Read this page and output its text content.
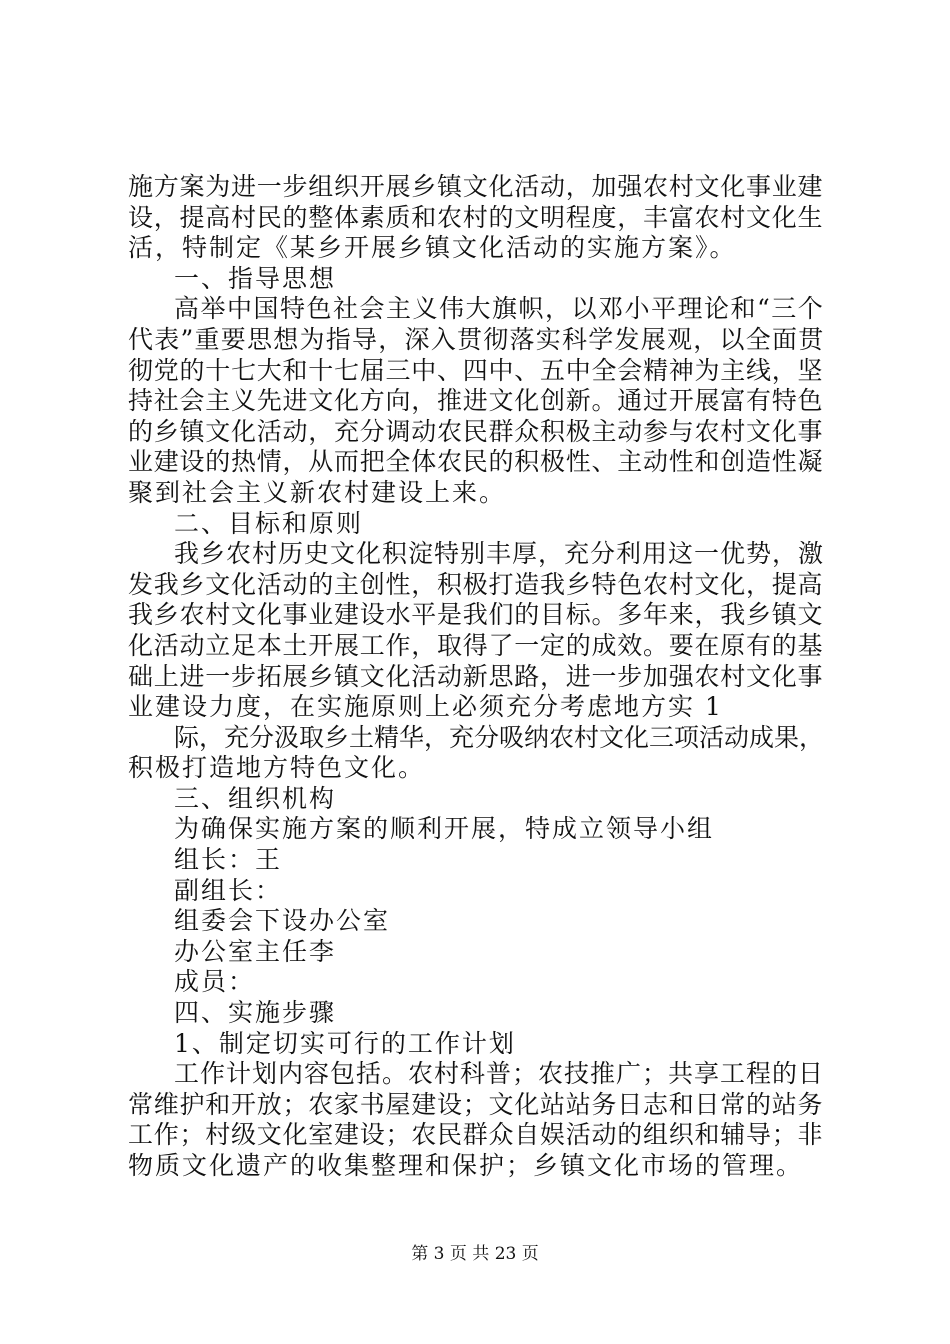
施方案为进一步组织开展乡镇文化活动，加强农村文化事业建
设，提高村民的整体素质和农村的文明程度，丰富农村文化生
活，特制定《某乡开展乡镇文化活动的实施方案》。
一、指导思想
高举中国特色社会主义伟大旗帜，以邓小平理论和“三个
代表”重要思想为指导，深入贯彻落实科学发展观，以全面贯
彻党的十七大和十七届三中、四中、五中全会精神为主线，坚
持社会主义先进文化方向，推进文化创新。通过开展富有特色
的乡镇文化活动，充分调动农民群众积极主动参与农村文化事
业建设的热情，从而把全体农民的积极性、主动性和创造性凝
聚到社会主义新农村建设上来。
二、目标和原则
我乡农村历史文化积淀特别丰厚，充分利用这一优势，激
发我乡文化活动的主创性，积极打造我乡特色农村文化，提高
我乡农村文化事业建设水平是我们的目标。多年来，我乡镇文
化活动立足本土开展工作，取得了一定的成效。要在原有的基
础上进一步拓展乡镇文化活动新思路，进一步加强农村文化事
业建设力度，在实施原则上必须充分考虑地方实 1
际，充分汲取乡土精华，充分吸纳农村文化三项活动成果，
积极打造地方特色文化。
三、组织机构
为确保实施方案的顺利开展，特成立领导小组
组长：王
副组长：
组委会下设办公室
办公室主任李
成员：
四、实施步骤
1、制定切实可行的工作计划
工作计划内容包括。农村科普；农技推广；共享工程的日
常维护和开放；农家书屋建设；文化站站务日志和日常的站务
工作；村级文化室建设；农民群众自娱活动的组织和辅导；非
物质文化遗产的收集整理和保护；乡镇文化市场的管理。
第 3 页 共 23 页
